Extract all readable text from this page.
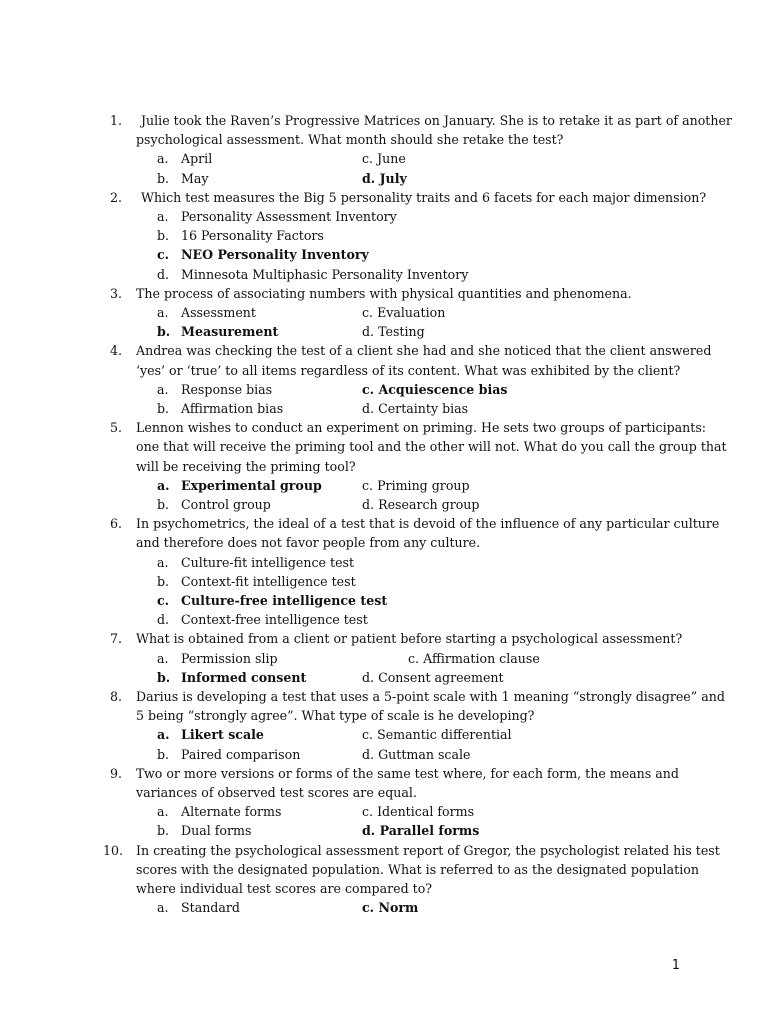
1
1. Julie took the Raven’s Progressive Matrices on January. She is to retake it as part of another
psychological assessment. What month should she retake the test?
a. April	c. June
b. May	d. July
2. Which test measures the Big 5 personality traits and 6 facets for each major dimension?
a. Personality Assessment Inventory
b. 16 Personality Factors
c. NEO Personality Inventory
d. Minnesota Multiphasic Personality Inventory
3. The process of associating numbers with physical quantities and phenomena.
a. Assessment	c. Evaluation
b. Measurement	d. Testing
4. Andrea was checking the test of a client she had and she noticed that the client answered
‘yes’ or ‘true’ to all items regardless of its content. What was exhibited by the client?
a. Response bias	c. Acquiescence bias
b. Affirmation bias	d. Certainty bias
5. Lennon wishes to conduct an experiment on priming. He sets two groups of participants:
one that will receive the priming tool and the other will not. What do you call the group that
will be receiving the priming tool?
a. Experimental group	c. Priming group
b. Control group	d. Research group
6. In psychometrics, the ideal of a test that is devoid of the influence of any particular culture
and therefore does not favor people from any culture.
a. Culture-fit intelligence test
b. Context-fit intelligence test
c. Culture-free intelligence test
d. Context-free intelligence test
7. What is obtained from a client or patient before starting a psychological assessment?
a. Permission slip	c. Affirmation clause
b. Informed consent	d. Consent agreement
8. Darius is developing a test that uses a 5-point scale with 1 meaning “strongly disagree” and
5 being “strongly agree”. What type of scale is he developing?
a. Likert scale	c. Semantic differential
b. Paired comparison	d. Guttman scale
9. Two or more versions or forms of the same test where, for each form, the means and
variances of observed test scores are equal.
a. Alternate forms	c. Identical forms
b. Dual forms	d. Parallel forms
10. In creating the psychological assessment report of Gregor, the psychologist related his test
scores with the designated population. What is referred to as the designated population
where individual test scores are compared to?
a. Standard	c. Norm
